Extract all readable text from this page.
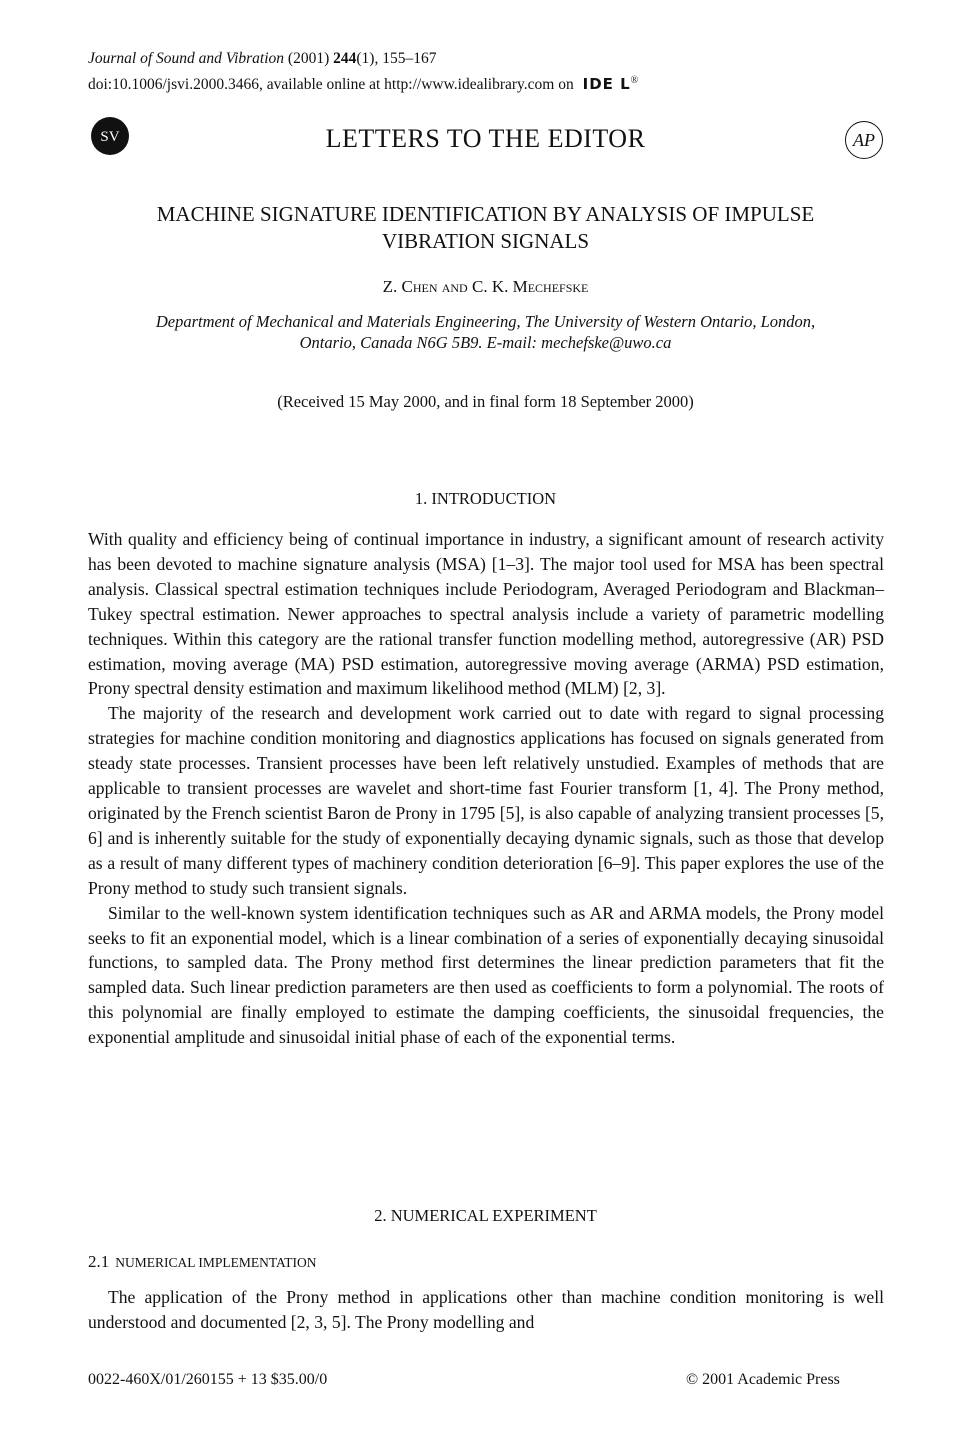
Journal of Sound and Vibration (2001) 244(1), 155–167
doi:10.1006/jsvi.2000.3466, available online at http://www.idealibrary.com on IDE L®
SV	LETTERS TO THE EDITOR	AP
MACHINE SIGNATURE IDENTIFICATION BY ANALYSIS OF IMPULSE
VIBRATION SIGNALS
Z. Chen and C. K. Mechefske
Department of Mechanical and Materials Engineering, The University of Western Ontario, London,
Ontario, Canada N6G 5B9. E-mail: mechefske@uwo.ca
(Received 15 May 2000, and in final form 18 September 2000)
1. INTRODUCTION

With quality and efficiency being of continual importance in industry, a significant amount of research activity has been devoted to machine signature analysis (MSA) [1–3]. The major tool used for MSA has been spectral analysis. Classical spectral estimation techniques include Periodogram, Averaged Periodogram and Blackman–Tukey spectral estimation. Newer approaches to spectral analysis include a variety of parametric modelling techniques. Within this category are the rational transfer function modelling method, autoregressive (AR) PSD estimation, moving average (MA) PSD estimation, autoregressive moving average (ARMA) PSD estimation, Prony spectral density estimation and maximum likelihood method (MLM) [2, 3].

The majority of the research and development work carried out to date with regard to signal processing strategies for machine condition monitoring and diagnostics applications has focused on signals generated from steady state processes. Transient processes have been left relatively unstudied. Examples of methods that are applicable to transient processes are wavelet and short-time fast Fourier transform [1, 4]. The Prony method, originated by the French scientist Baron de Prony in 1795 [5], is also capable of analyzing transient processes [5, 6] and is inherently suitable for the study of exponentially decaying dynamic signals, such as those that develop as a result of many different types of machinery condition deterioration [6–9]. This paper explores the use of the Prony method to study such transient signals.

Similar to the well-known system identification techniques such as AR and ARMA models, the Prony model seeks to fit an exponential model, which is a linear combination of a series of exponentially decaying sinusoidal functions, to sampled data. The Prony method first determines the linear prediction parameters that fit the sampled data. Such linear prediction parameters are then used as coefficients to form a polynomial. The roots of this polynomial are finally employed to estimate the damping coefficients, the sinusoidal frequencies, the exponential amplitude and sinusoidal initial phase of each of the exponential terms.

2. NUMERICAL EXPERIMENT
2.1 NUMERICAL IMPLEMENTATION

The application of the Prony method in applications other than machine condition monitoring is well understood and documented [2, 3, 5]. The Prony modelling and

0022-460X/01/260155 + 13 $35.00/0	© 2001 Academic Press
